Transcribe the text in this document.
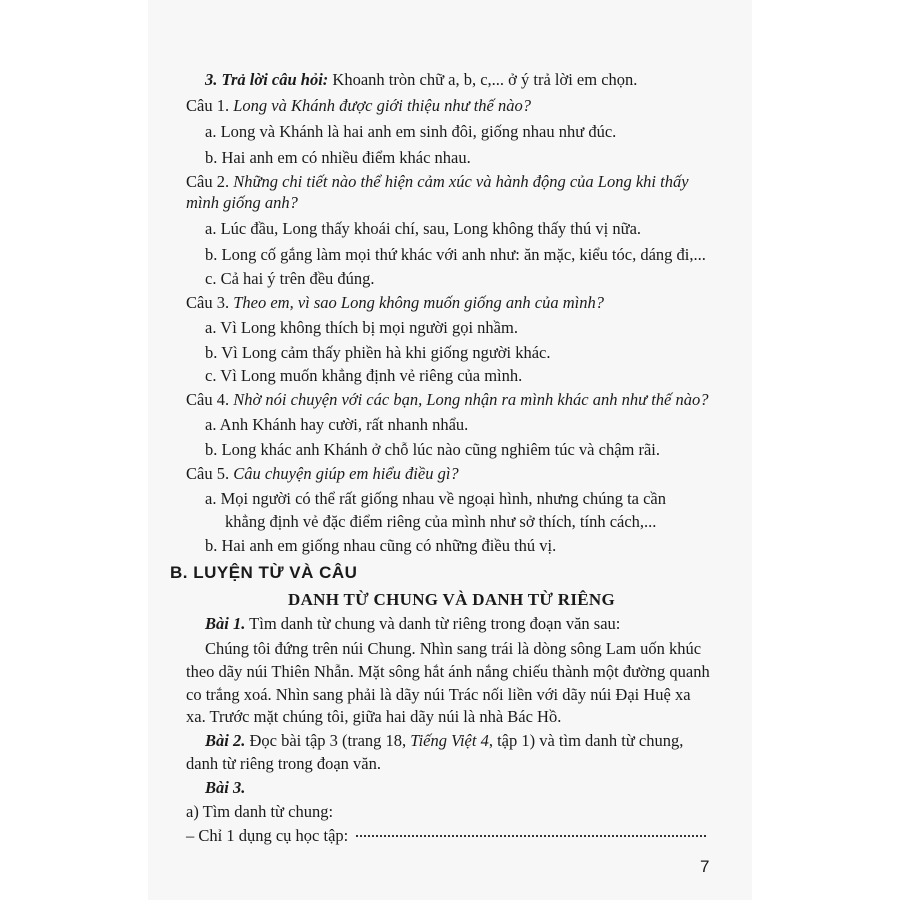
3. Trả lời câu hỏi: Khoanh tròn chữ a, b, c,... ở ý trả lời em chọn.
Câu 1. Long và Khánh được giới thiệu như thế nào?
a. Long và Khánh là hai anh em sinh đôi, giống nhau như đúc.
b. Hai anh em có nhiều điểm khác nhau.
Câu 2. Những chi tiết nào thể hiện cảm xúc và hành động của Long khi thấy
mình giống anh?
a. Lúc đầu, Long thấy khoái chí, sau, Long không thấy thú vị nữa.
b. Long cố gắng làm mọi thứ khác với anh như: ăn mặc, kiểu tóc, dáng đi,...
c. Cả hai ý trên đều đúng.
Câu 3. Theo em, vì sao Long không muốn giống anh của mình?
a. Vì Long không thích bị mọi người gọi nhầm.
b. Vì Long cảm thấy phiền hà khi giống người khác.
c. Vì Long muốn khẳng định vẻ riêng của mình.
Câu 4. Nhờ nói chuyện với các bạn, Long nhận ra mình khác anh như thế nào?
a. Anh Khánh hay cười, rất nhanh nhẩu.
b. Long khác anh Khánh ở chỗ lúc nào cũng nghiêm túc và chậm rãi.
Câu 5. Câu chuyện giúp em hiểu điều gì?
a. Mọi người có thể rất giống nhau về ngoại hình, nhưng chúng ta cần
khẳng định vẻ đặc điểm riêng của mình như sở thích, tính cách,...
b. Hai anh em giống nhau cũng có những điều thú vị.
B. LUYỆN TỪ VÀ CÂU
DANH TỪ CHUNG VÀ DANH TỪ RIÊNG
Bài 1. Tìm danh từ chung và danh từ riêng trong đoạn văn sau:
Chúng tôi đứng trên núi Chung. Nhìn sang trái là dòng sông Lam uốn khúc
theo dãy núi Thiên Nhẫn. Mặt sông hắt ánh nắng chiếu thành một đường quanh
co trắng xoá. Nhìn sang phải là dãy núi Trác nối liền với dãy núi Đại Huệ xa
xa. Trước mặt chúng tôi, giữa hai dãy núi là nhà Bác Hồ.
Bài 2. Đọc bài tập 3 (trang 18, Tiếng Việt 4, tập 1) và tìm danh từ chung,
danh từ riêng trong đoạn văn.
Bài 3.
a) Tìm danh từ chung:
– Chỉ 1 dụng cụ học tập:
7
